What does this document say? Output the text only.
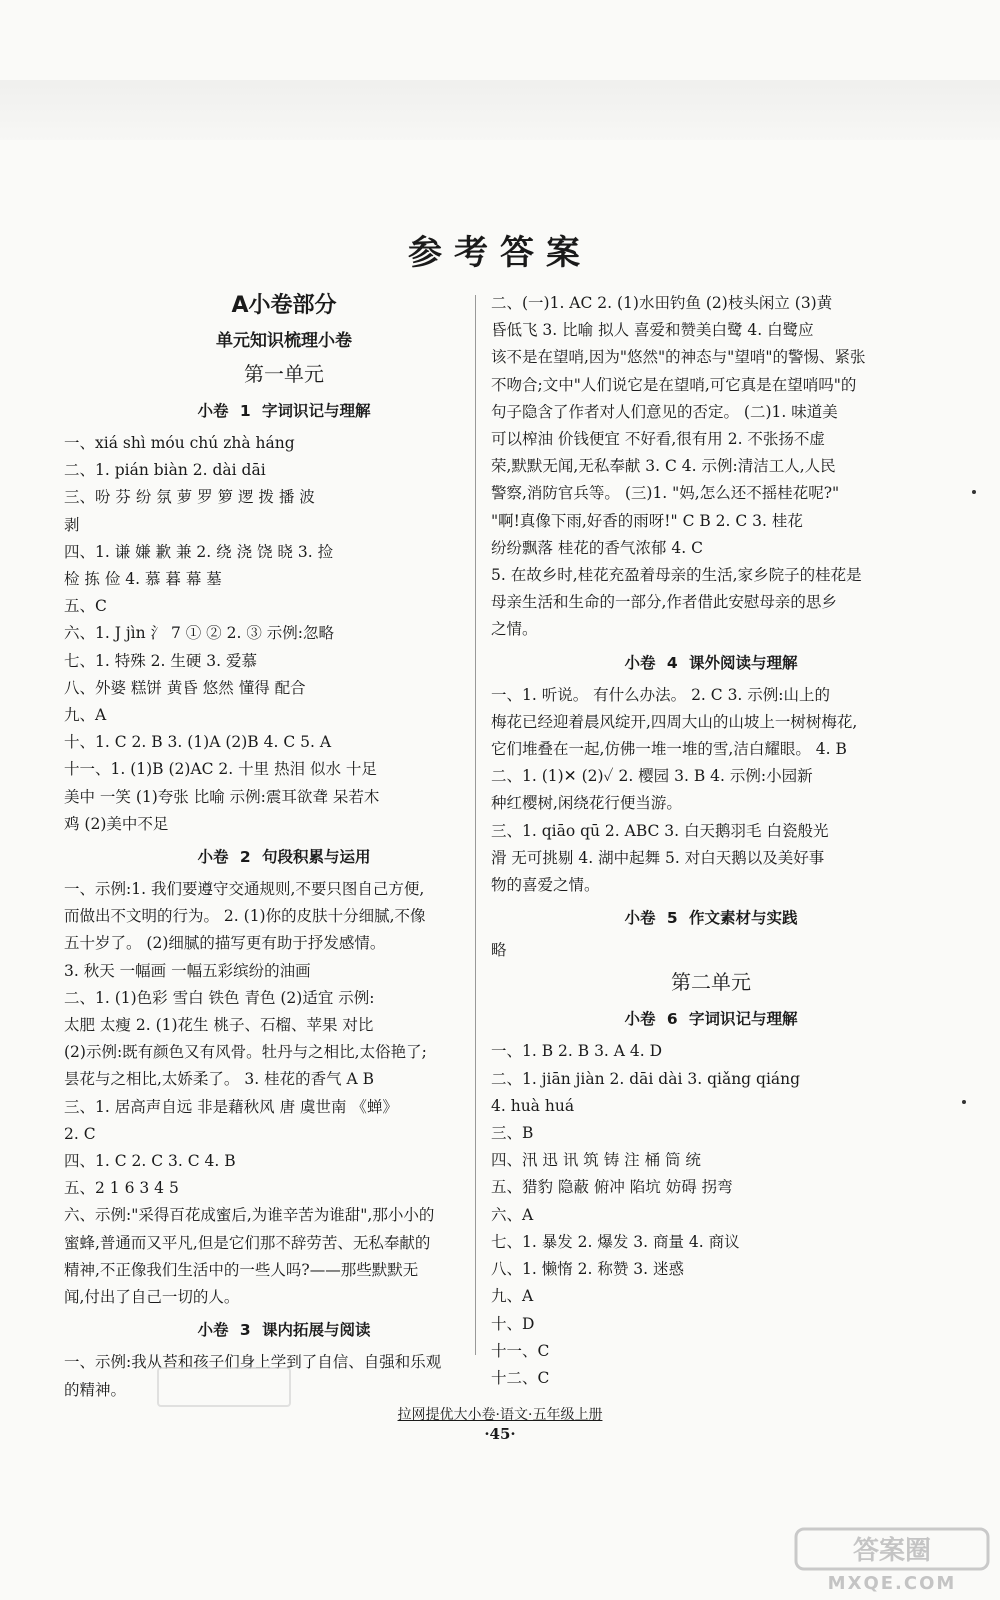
参考答案
A小卷部分
单元知识梳理小卷
第一单元
小卷 1 字词识记与理解
一、xiá shì móu chú zhà háng
二、1. pián biàn 2. dài dāi
三、吩 芬 纷 氛 萝 罗 箩 逻 拨 播 波
剥
四、1. 谦 嫌 歉 兼 2. 绕 浇 饶 晓 3. 捡
检 拣 俭 4. 慕 暮 幕 墓
五、C
六、1. J jìn 氵 7 ① ② 2. ③ 示例:忽略
七、1. 特殊 2. 生硬 3. 爱慕
八、外婆 糕饼 黄昏 悠然 懂得 配合
九、A
十、1. C 2. B 3. (1)A (2)B 4. C 5. A
十一、1. (1)B (2)AC 2. 十里 热泪 似水 十足
美中 一笑 (1)夸张 比喻 示例:震耳欲聋 呆若木
鸡 (2)美中不足
小卷 2 句段积累与运用
一、示例:1. 我们要遵守交通规则,不要只图自己方便,
而做出不文明的行为。 2. (1)你的皮肤十分细腻,不像
五十岁了。 (2)细腻的描写更有助于抒发感情。
3. 秋天 一幅画 一幅五彩缤纷的油画
二、1. (1)色彩 雪白 铁色 青色 (2)适宜 示例:
太肥 太瘦 2. (1)花生 桃子、石榴、苹果 对比
(2)示例:既有颜色又有风骨。牡丹与之相比,太俗艳了;
昙花与之相比,太娇柔了。 3. 桂花的香气 A B
三、1. 居高声自远 非是藉秋风 唐 虞世南 《蝉》
2. C
四、1. C 2. C 3. C 4. B
五、2 1 6 3 4 5
六、示例:"采得百花成蜜后,为谁辛苦为谁甜",那小小的
蜜蜂,普通而又平凡,但是它们那不辞劳苦、无私奉献的
精神,不正像我们生活中的一些人吗?——那些默默无
闻,付出了自己一切的人。
小卷 3 课内拓展与阅读
一、示例:我从苔和孩子们身上学到了自信、自强和乐观
的精神。
二、(一)1. AC 2. (1)水田钓鱼 (2)枝头闲立 (3)黄
昏低飞 3. 比喻 拟人 喜爱和赞美白鹭 4. 白鹭应
该不是在望哨,因为"悠然"的神态与"望哨"的警惕、紧张
不吻合;文中"人们说它是在望哨,可它真是在望哨吗"的
句子隐含了作者对人们意见的否定。 (二)1. 味道美
可以榨油 价钱便宜 不好看,很有用 2. 不张扬不虚
荣,默默无闻,无私奉献 3. C 4. 示例:清洁工人,人民
警察,消防官兵等。 (三)1. "妈,怎么还不摇桂花呢?"
"啊!真像下雨,好香的雨呀!" C B 2. C 3. 桂花
纷纷飘落 桂花的香气浓郁 4. C
5. 在故乡时,桂花充盈着母亲的生活,家乡院子的桂花是
母亲生活和生命的一部分,作者借此安慰母亲的思乡
之情。
小卷 4 课外阅读与理解
一、1. 听说。 有什么办法。 2. C 3. 示例:山上的
梅花已经迎着晨风绽开,四周大山的山坡上一树树梅花,
它们堆叠在一起,仿佛一堆一堆的雪,洁白耀眼。 4. B
二、1. (1)✕ (2)✓ 2. 樱园 3. B 4. 示例:小园新
种红樱树,闲绕花行便当游。
三、1. qiāo qū 2. ABC 3. 白天鹅羽毛 白瓷般光
滑 无可挑剔 4. 湖中起舞 5. 对白天鹅以及美好事
物的喜爱之情。
小卷 5 作文素材与实践
略
第二单元
小卷 6 字词识记与理解
一、1. B 2. B 3. A 4. D
二、1. jiān jiàn 2. dāi dài 3. qiǎng qiáng
4. huà huá
三、B
四、汛 迅 讯 筑 铸 注 桶 筒 统
五、猎豹 隐蔽 俯冲 陷坑 妨碍 拐弯
六、A
七、1. 暴发 2. 爆发 3. 商量 4. 商议
八、1. 懒惰 2. 称赞 3. 迷惑
九、A
十、D
十一、C
十二、C
拉网提优大小卷·语文·五年级上册
·45·
答案圈
MXQE.COM
